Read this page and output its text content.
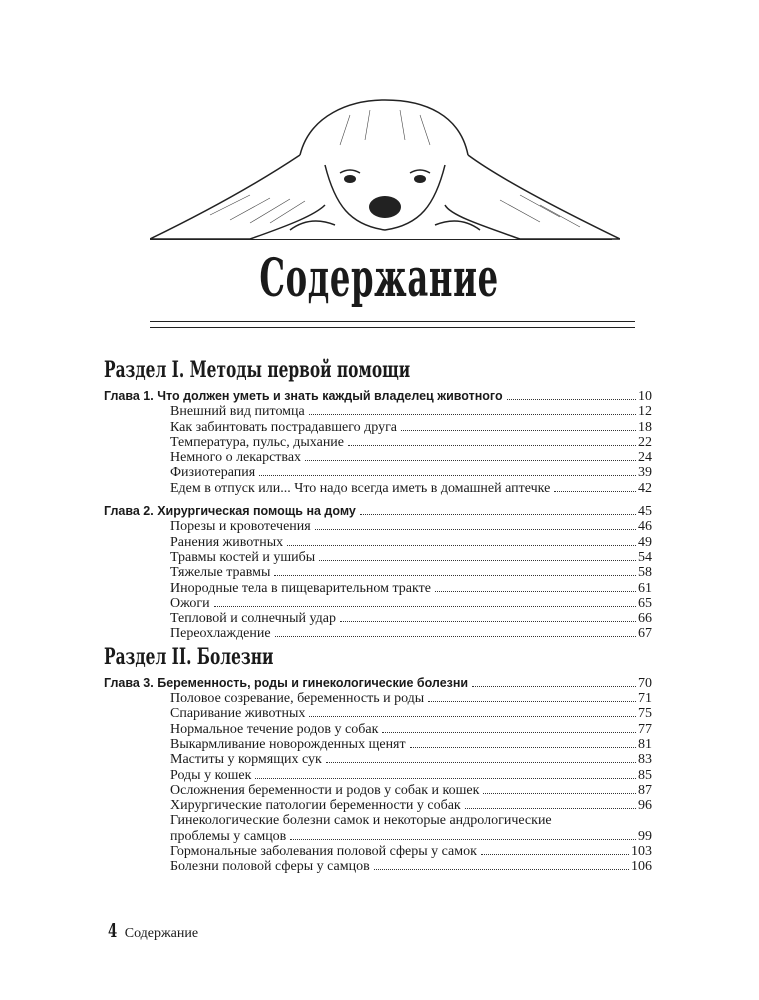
Содержание
Раздел I. Методы первой помощи
Глава 1.
Что должен уметь и знать каждый владелец животного	10
Внешний вид питомца	12
Как забинтовать пострадавшего друга	18
Температура, пульс, дыхание	22
Немного о лекарствах	24
Физиотерапия	39
Едем в отпуск или... Что надо всегда иметь в домашней аптечке	42
Глава 2.
Хирургическая помощь на дому	45
Порезы и кровотечения	46
Ранения животных	49
Травмы костей и ушибы	54
Тяжелые травмы	58
Инородные тела в пищеварительном тракте	61
Ожоги	65
Тепловой и солнечный удар	66
Переохлаждение	67
Раздел II. Болезни
Глава 3.
Беременность, роды и гинекологические болезни	70
Половое созревание, беременность и роды	71
Спаривание животных	75
Нормальное течение родов у собак	77
Выкармливание новорожденных щенят	81
Маститы у кормящих сук	83
Роды у кошек	85
Осложнения беременности и родов у собак и кошек	87
Хирургические патологии беременности у собак	96
Гинекологические болезни самок и некоторые андрологические
проблемы у самцов	99
Гормональные заболевания половой сферы у самок	103
Болезни половой сферы у самцов	106
4 Содержание
